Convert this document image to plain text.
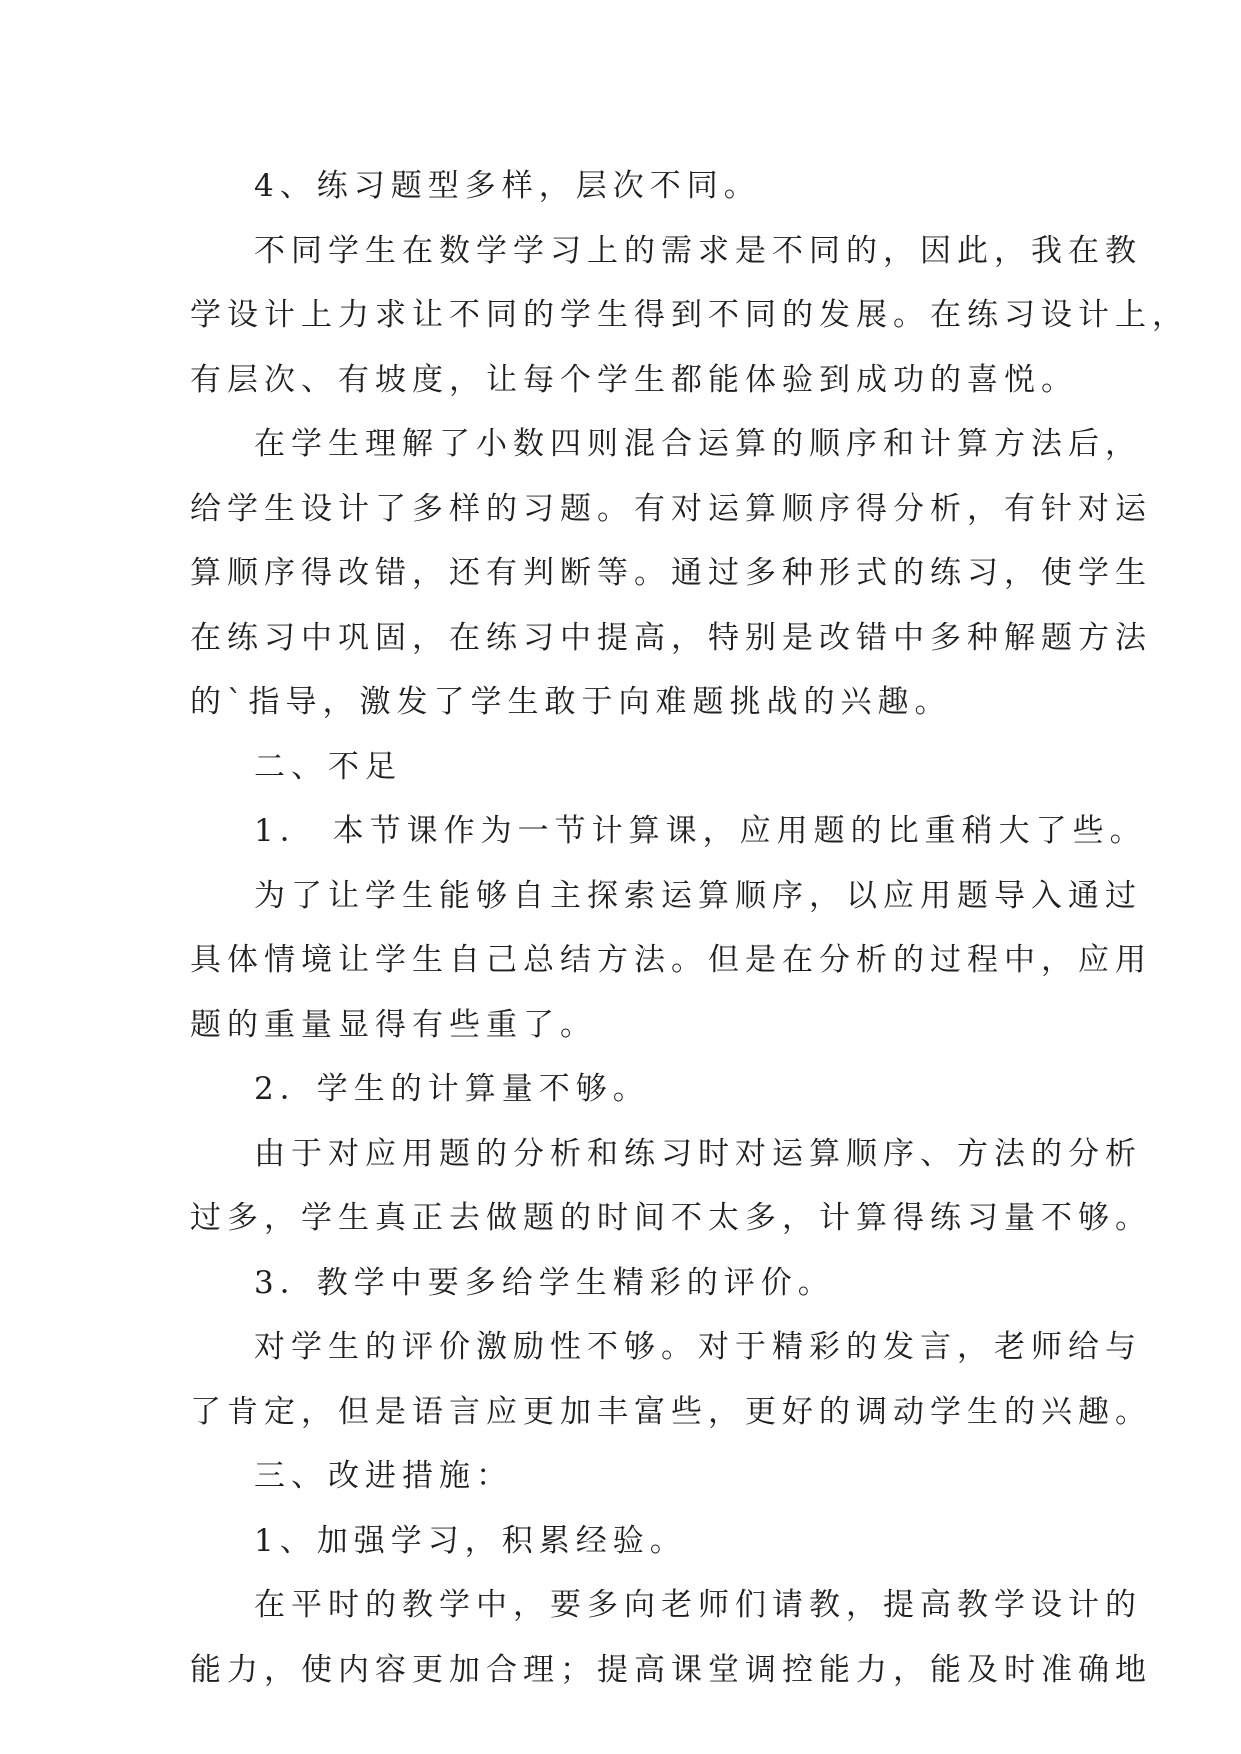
4、练习题型多样，层次不同。

不同学生在数学学习上的需求是不同的，因此，我在教

学设计上力求让不同的学生得到不同的发展。在练习设计上，

有层次、有坡度，让每个学生都能体验到成功的喜悦。

在学生理解了小数四则混合运算的顺序和计算方法后，

给学生设计了多样的习题。有对运算顺序得分析，有针对运

算顺序得改错，还有判断等。通过多种形式的练习，使学生

在练习中巩固，在练习中提高，特别是改错中多种解题方法

的`指导，激发了学生敢于向难题挑战的兴趣。

二、不足

1． 本节课作为一节计算课，应用题的比重稍大了些。

为了让学生能够自主探索运算顺序，以应用题导入通过

具体情境让学生自己总结方法。但是在分析的过程中，应用

题的重量显得有些重了。

2．学生的计算量不够。

由于对应用题的分析和练习时对运算顺序、方法的分析

过多，学生真正去做题的时间不太多，计算得练习量不够。

3．教学中要多给学生精彩的评价。

对学生的评价激励性不够。对于精彩的发言，老师给与

了肯定，但是语言应更加丰富些，更好的调动学生的兴趣。

三、改进措施：

1、加强学习，积累经验。

在平时的教学中，要多向老师们请教，提高教学设计的

能力，使内容更加合理；提高课堂调控能力，能及时准确地
